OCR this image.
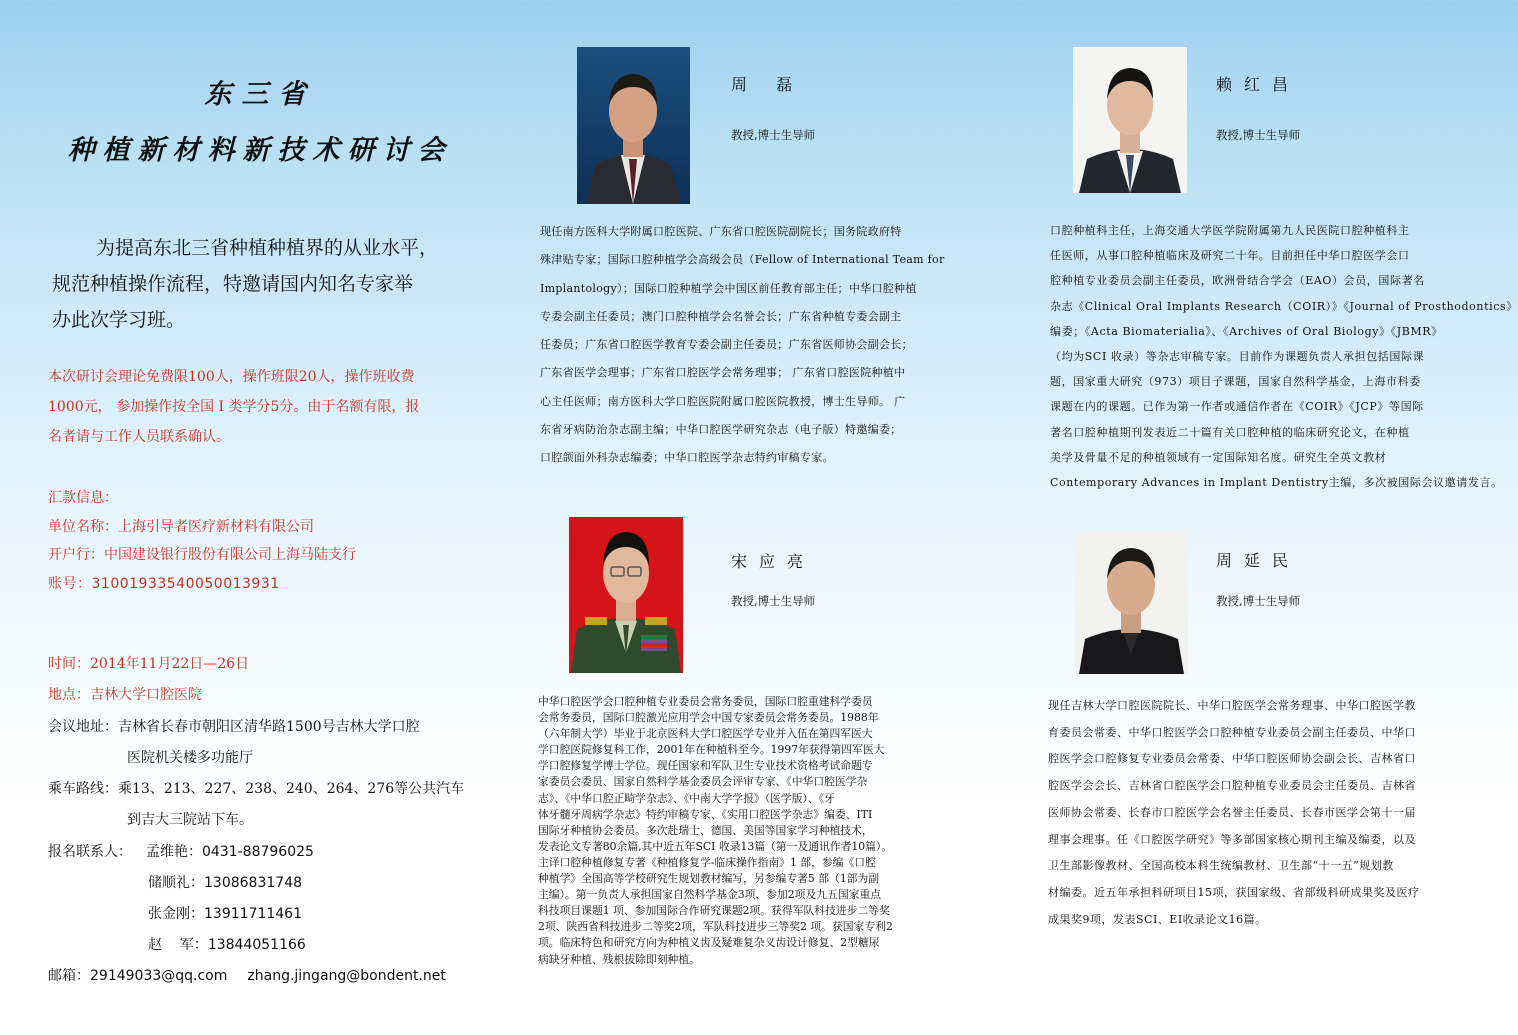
东三省
种植新材料新技术研讨会

为提高东北三省种植种植界的从业水平，

规范种植操作流程，特邀请国内知名专家举

办此次学习班。

本次研讨会理论免费限100人，操作班限20人，操作班收费
1000元， 参加操作按全国 Ⅰ 类学分5分。由于名额有限，报
名者请与工作人员联系确认。
汇款信息：
单位名称：上海引导者医疗新材料有限公司
开户行：中国建设银行股份有限公司上海马陆支行
账号：31001933540050013931
时间：2014年11月22日—26日
地点：吉林大学口腔医院
会议地址：吉林省长春市朝阳区清华路1500号吉林大学口腔
医院机关楼多功能厅
乘车路线：乘13、213、227、238、240、264、276等公共汽车
到吉大三院站下车。
报名联系人： 孟维艳：0431-88796025
储顺礼：13086831748
张金刚：13911711461
赵    军：13844051166
邮箱：29149033@qq.com zhang.jingang@bondent.net
周 磊
教授,博士生导师
现任南方医科大学附属口腔医院、广东省口腔医院副院长；国务院政府特
殊津贴专家；国际口腔种植学会高级会员（Fellow of International Team for
Implantology）；国际口腔种植学会中国区前任教育部主任；中华口腔种植
专委会副主任委员；澳门口腔种植学会名誉会长；广东省种植专委会副主
任委员；广东省口腔医学教育专委会副主任委员；广东省医师协会副会长；
广东省医学会理事；广东省口腔医学会常务理事； 广东省口腔医院种植中
心主任医师；南方医科大学口腔医院附属口腔医院教授，博士生导师。 广
东省牙病防治杂志副主编；中华口腔医学研究杂志（电子版）特邀编委；
口腔颌面外科杂志编委；中华口腔医学杂志特约审稿专家。
赖红昌
教授,博士生导师
口腔种植科主任，上海交通大学医学院附属第九人民医院口腔种植科主
任医师，从事口腔种植临床及研究二十年。目前担任中华口腔医学会口
腔种植专业委员会副主任委员，欧洲骨结合学会（EAO）会员，国际著名
杂志《Clinical Oral Implants Research（COIR）》《Journal of Prosthodontics》
编委；《Acta Biomaterialia》、《Archives of Oral Biology》《JBMR》
（均为SCI 收录）等杂志审稿专家。目前作为课题负责人承担包括国际课
题，国家重大研究（973）项目子课题，国家自然科学基金，上海市科委
课题在内的课题。已作为第一作者或通信作者在《COIR》《JCP》等国际
著名口腔种植期刊发表近二十篇有关口腔种植的临床研究论文，在种植
美学及骨量不足的种植领域有一定国际知名度。研究生全英文教材
Contemporary Advances in Implant Dentistry主编，多次被国际会议邀请发言。
宋应亮
教授,博士生导师
中华口腔医学会口腔种植专业委员会常务委员，国际口腔重建科学委员
会常务委员，国际口腔激光应用学会中国专家委员会常务委员。1988年
（六年制大学）毕业于北京医科大学口腔医学专业并入伍在第四军医大
学口腔医院修复科工作，2001年在种植科至今。1997年获得第四军医大
学口腔修复学博士学位。现任国家和军队卫生专业技术资格考试命题专
家委员会委员、国家自然科学基金委员会评审专家、《中华口腔医学杂
志》、《中华口腔正畸学杂志》、《中南大学学报》（医学版）、《牙
体牙髓牙周病学杂志》特约审稿专家、《实用口腔医学杂志》编委、ITI
国际牙种植协会委员。多次赴瑞士、德国、美国等国家学习种植技术，
发表论文专著80余篇,其中近五年SCI 收录13篇（第一及通讯作者10篇）。
主译口腔种植修复专著《种植修复学-临床操作指南》1 部，参编《口腔
种植学》全国高等学校研究生规划教材编写，另参编专著5 部（1部为副
主编）。第一负责人承担国家自然科学基金3项、参加2项及九五国家重点
科技项目课题1 项、参加国际合作研究课题2项。获得军队科技进步二等奖
2项、陕西省科技进步二等奖2项，军队科技进步三等奖2 项。获国家专利2
项。临床特色和研究方向为种植义齿及疑难复杂义齿设计修复、2型糖尿
病缺牙种植、残根拔除即刻种植。
周延民
教授,博士生导师
现任吉林大学口腔医院院长、中华口腔医学会常务理事、中华口腔医学教
育委员会常委、中华口腔医学会口腔种植专业委员会副主任委员、中华口
腔医学会口腔修复专业委员会常委、中华口腔医师协会副会长、吉林省口
腔医学会会长、吉林省口腔医学会口腔种植专业委员会主任委员、吉林省
医师协会常委、长春市口腔医学会名誉主任委员、长春市医学会第十一届
理事会理事。任《口腔医学研究》等多部国家核心期刊主编及编委，以及
卫生部影像教材、全国高校本科生统编教材、卫生部“十一五”规划教
材编委。近五年承担科研项目15项，获国家级、省部级科研成果奖及医疗
成果奖9项，发表SCI、EI收录论文16篇。
